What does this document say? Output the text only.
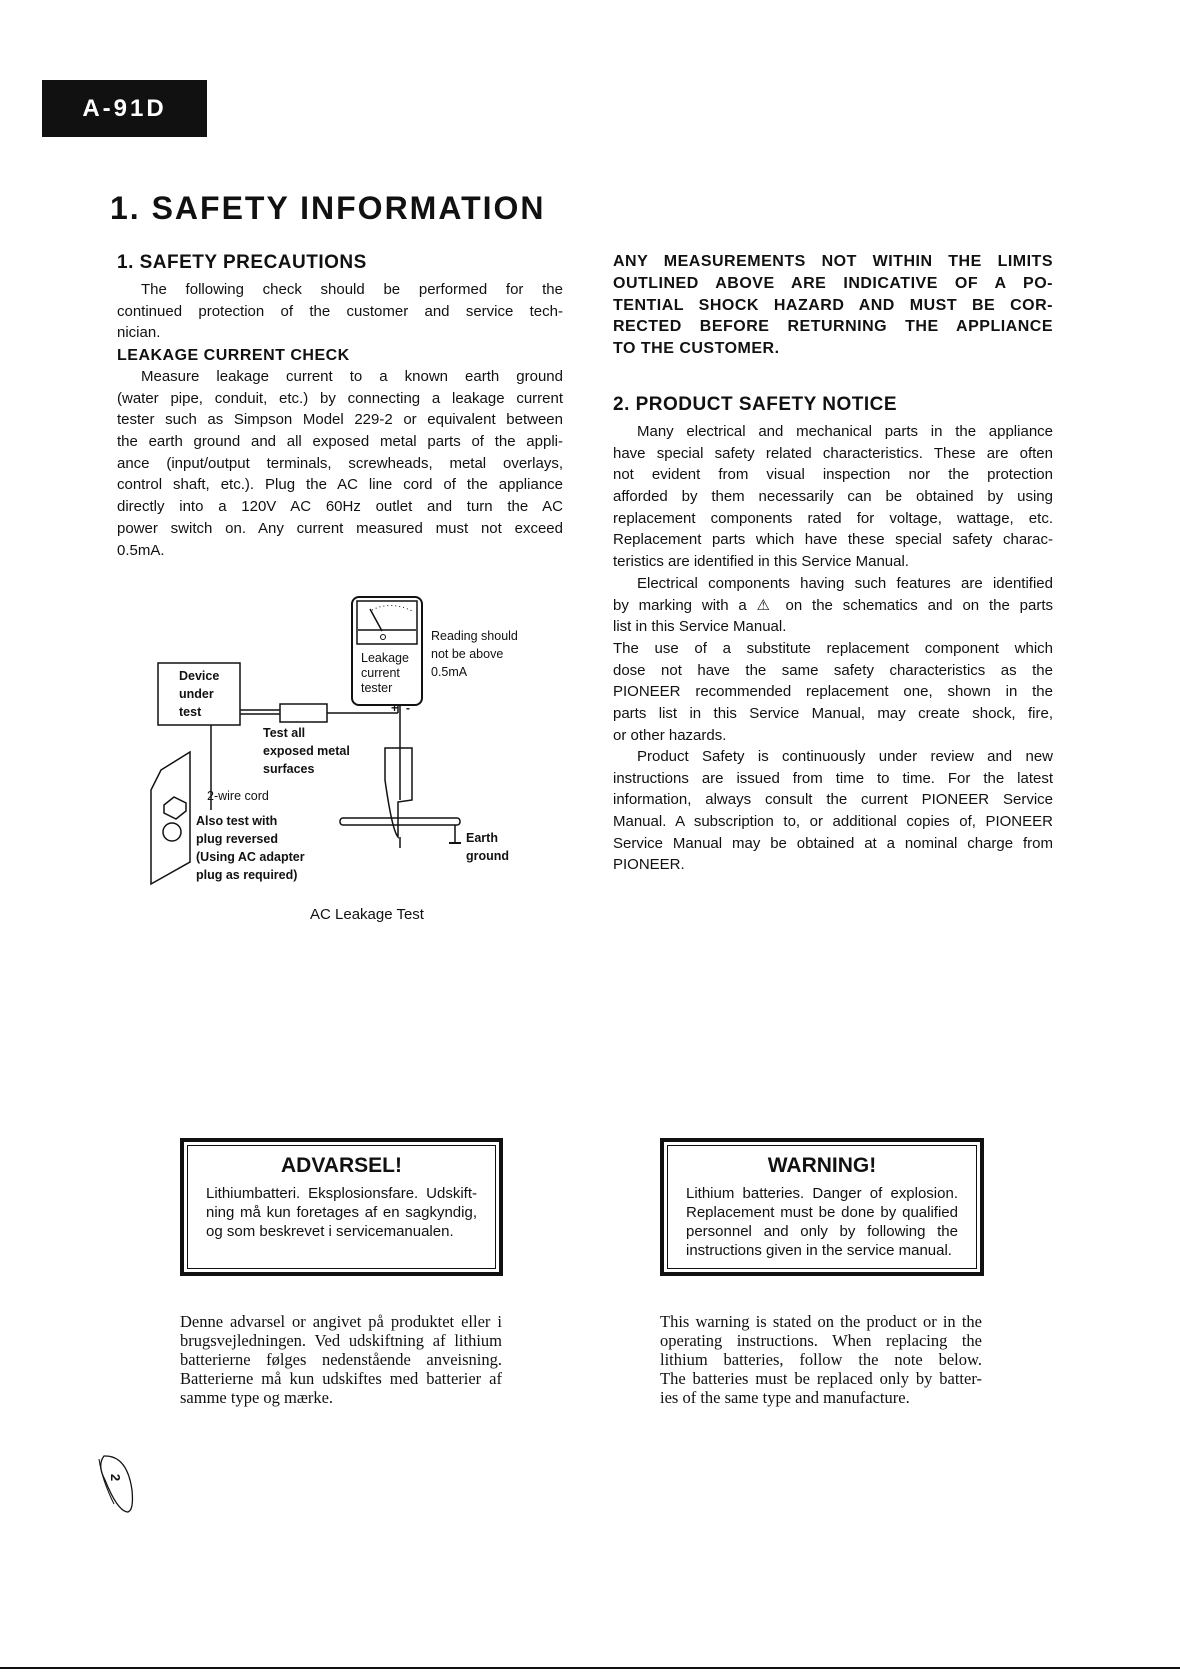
A-91D
1. SAFETY INFORMATION
1. SAFETY PRECAUTIONS
The following check should be performed for the
continued protection of the customer and service tech-
nician.
LEAKAGE CURRENT CHECK
Measure leakage current to a known earth ground
(water pipe, conduit, etc.) by connecting a leakage current
tester such as Simpson Model 229-2 or equivalent between
the earth ground and all exposed metal parts of the appli-
ance (input/output terminals, screwheads, metal overlays,
control shaft, etc.). Plug the AC line cord of the appliance
directly into a 120V AC 60Hz outlet and turn the AC
power switch on. Any current measured must not exceed
0.5mA.
Device
under
test
Leakage
current
tester
+ -
Reading should
not be above
0.5mA
Test all
exposed metal
surfaces
2-wire cord
Also test with
plug reversed
(Using AC adapter
plug as required)
Earth
ground
AC Leakage Test
ANY MEASUREMENTS NOT WITHIN THE LIMITS
OUTLINED ABOVE ARE INDICATIVE OF A PO-
TENTIAL SHOCK HAZARD AND MUST BE COR-
RECTED BEFORE RETURNING THE APPLIANCE
TO THE CUSTOMER.
2. PRODUCT SAFETY NOTICE
Many electrical and mechanical parts in the appliance
have special safety related characteristics. These are often
not evident from visual inspection nor the protection
afforded by them necessarily can be obtained by using
replacement components rated for voltage, wattage, etc.
Replacement parts which have these special safety charac-
teristics are identified in this Service Manual.
Electrical components having such features are identified
by marking with a ⚠ on the schematics and on the parts
list in this Service Manual.
The use of a substitute replacement component which
dose not have the same safety characteristics as the
PIONEER recommended replacement one, shown in the
parts list in this Service Manual, may create shock, fire,
or other hazards.
Product Safety is continuously under review and new
instructions are issued from time to time. For the latest
information, always consult the current PIONEER Service
Manual. A subscription to, or additional copies of, PIONEER
Service Manual may be obtained at a nominal charge from
PIONEER.
ADVARSEL!
Lithiumbatteri. Eksplosionsfare. Udskift-
ning må kun foretages af en sagkyndig,
og som beskrevet i servicemanualen.
WARNING!
Lithium batteries. Danger of explosion.
Replacement must be done by qualified
personnel and only by following the
instructions given in the service manual.
Denne advarsel or angivet på produktet eller i
brugsvejledningen. Ved udskiftning af lithium
batterierne følges nedenstående anveisning.
Batterierne må kun udskiftes med batterier af
samme type og mærke.
This warning is stated on the product or in the
operating instructions. When replacing the
lithium batteries, follow the note below.
The batteries must be replaced only by batter-
ies of the same type and manufacture.
2
